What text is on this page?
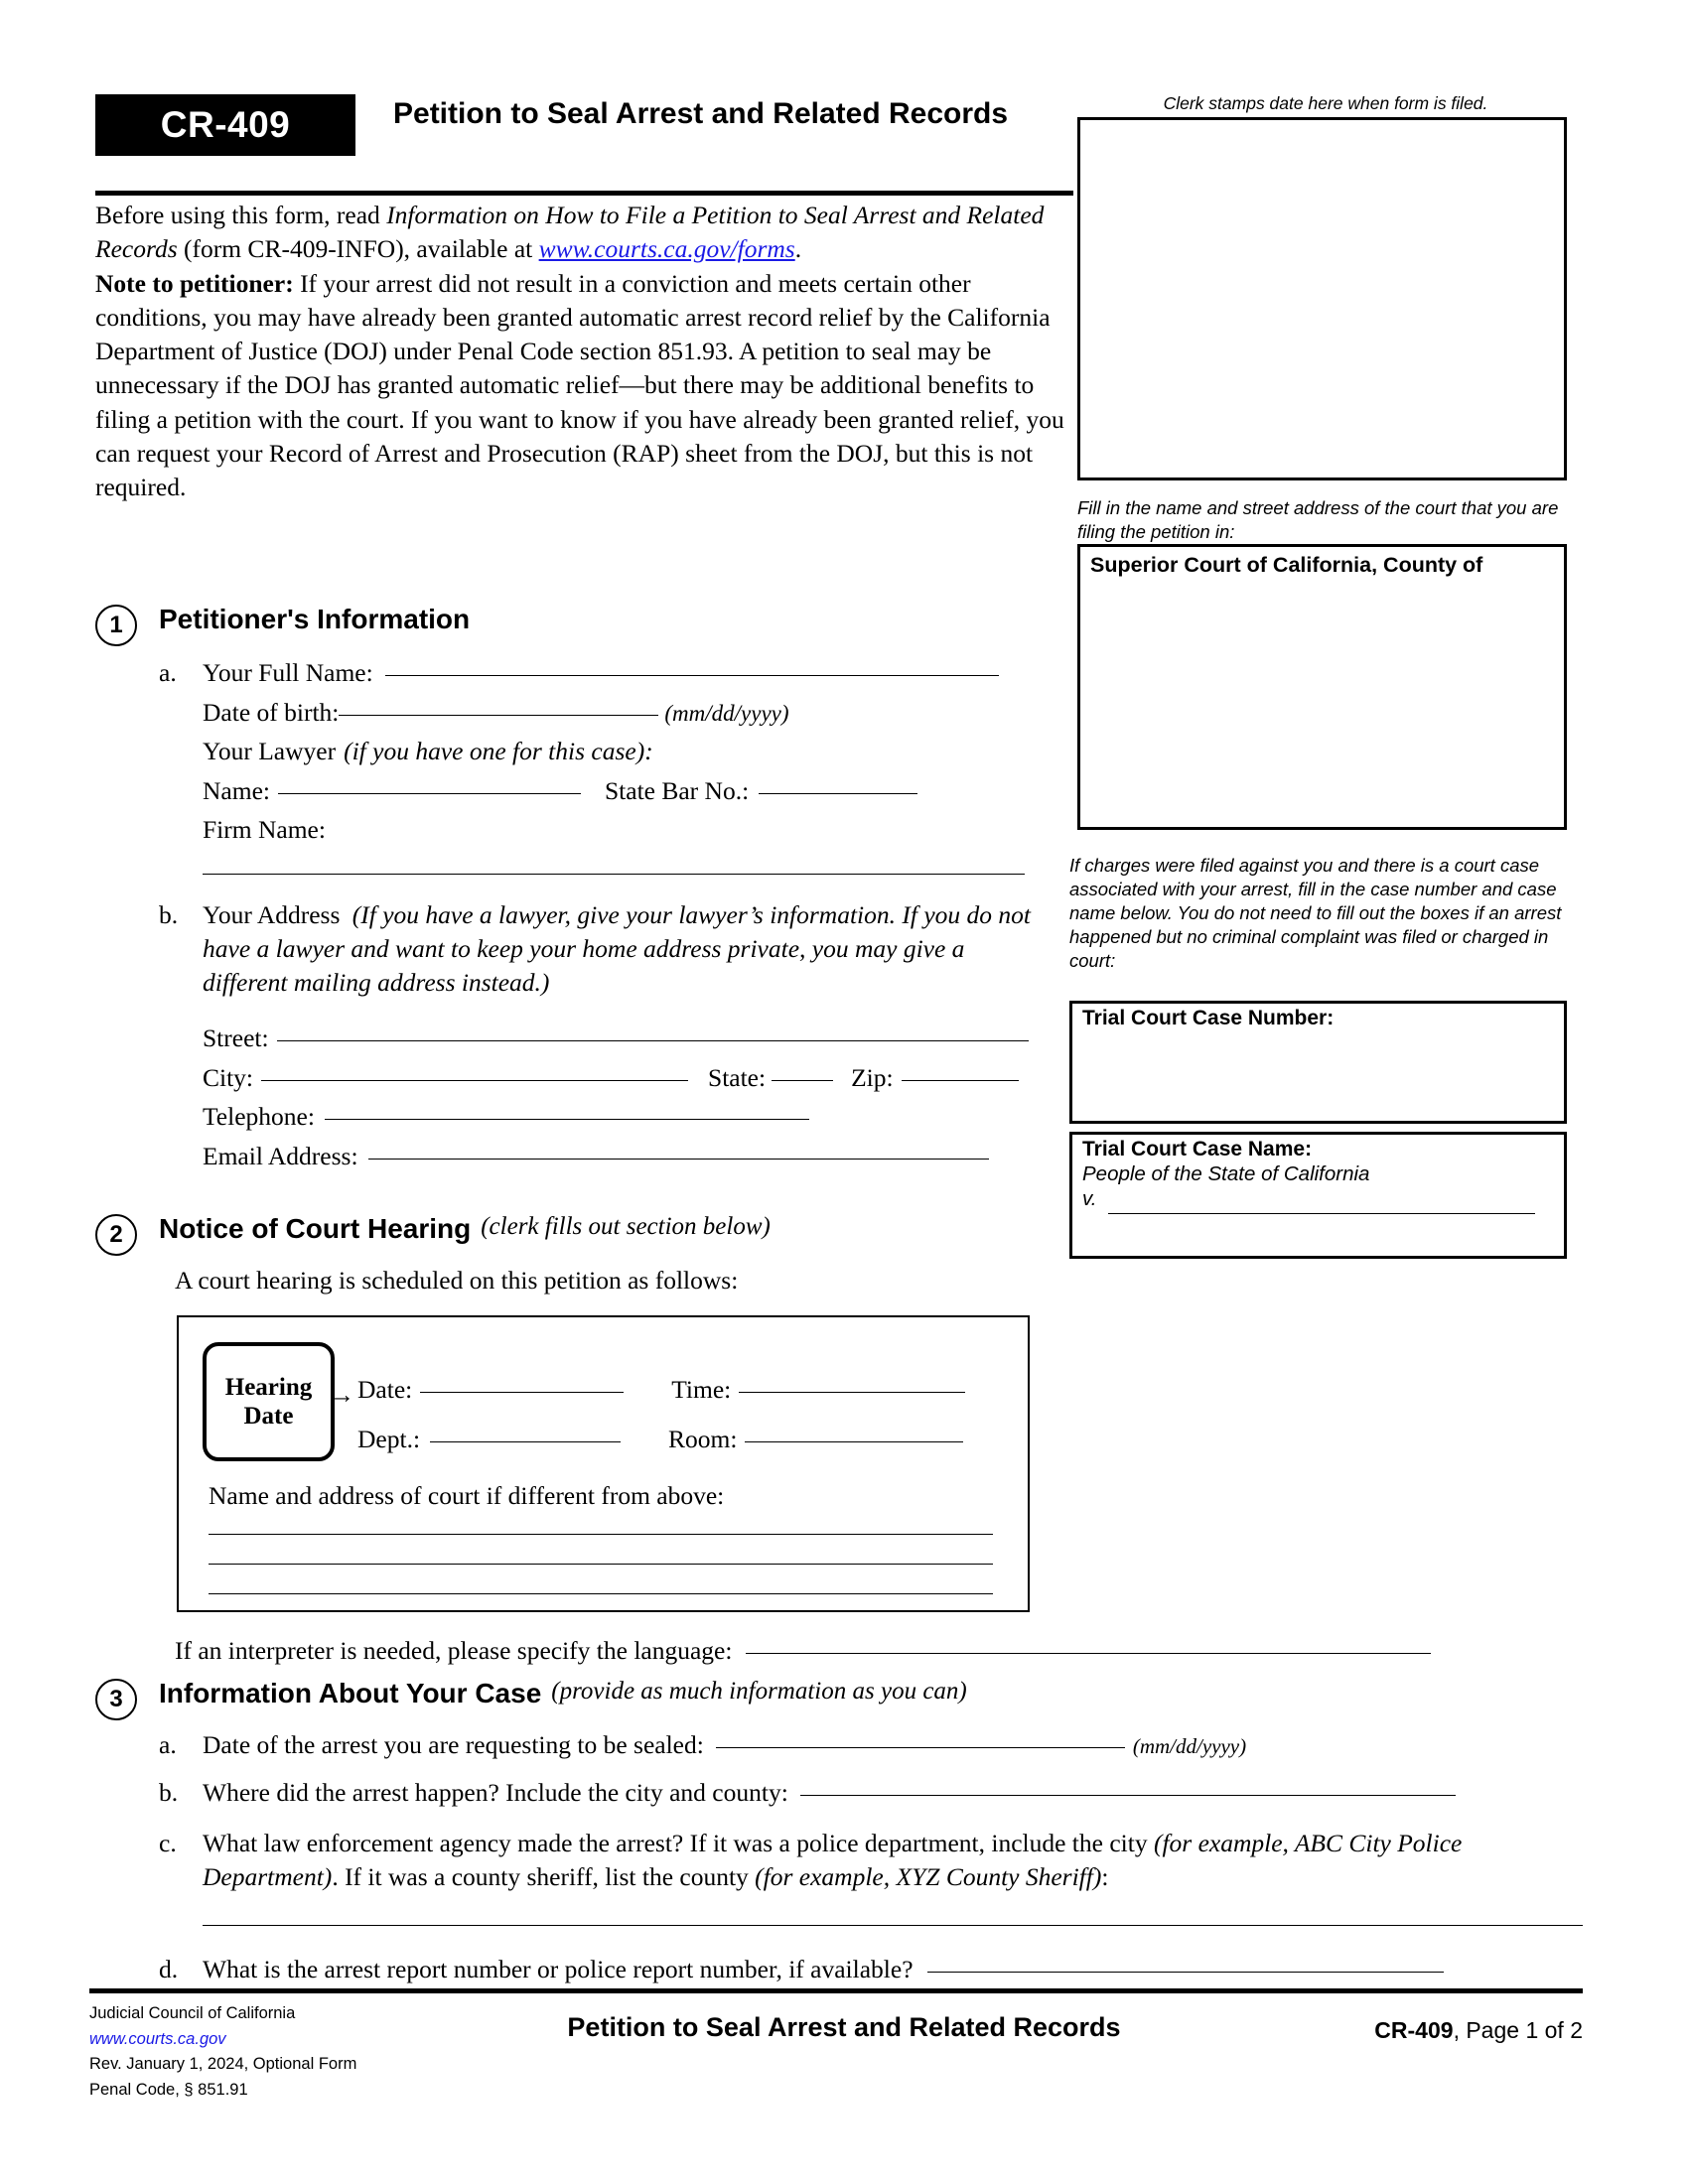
CR-409	Petition to Seal Arrest and Related Records

Before using this form, read Information on How to File a Petition to Seal Arrest and Related Records (form CR-409-INFO), available at www.courts.ca.gov/forms.

Note to petitioner: If your arrest did not result in a conviction and meets certain other conditions, you may have already been granted automatic arrest record relief by the California Department of Justice (DOJ) under Penal Code section 851.93. A petition to seal may be unnecessary if the DOJ has granted automatic relief—but there may be additional benefits to filing a petition with the court. If you want to know if you have already been granted relief, you can request your Record of Arrest and Prosecution (RAP) sheet from the DOJ, but this is not required.

Clerk stamps date here when form is filed.
Fill in the name and street address of the court that you are filing the petition in:
Superior Court of California, County of
If charges were filed against you and there is a court case associated with your arrest, fill in the case number and case name below. You do not need to fill out the boxes if an arrest happened but no criminal complaint was filed or charged in court:
Trial Court Case Number:
Trial Court Case Name:
People of the State of California
v.
1	Petitioner's Information
a.	Your Full Name:
Date of birth:	(mm/dd/yyyy)
Your Lawyer (if you have one for this case):
Name:	State Bar No.:
Firm Name:
b. Your Address (If you have a lawyer, give your lawyer’s information. If you do not have a lawyer and want to keep your home address private, you may give a different mailing address instead.)
Street:
City:	State:	Zip:
Telephone:
Email Address:
2	Notice of Court Hearing (clerk fills out section below)
A court hearing is scheduled on this petition as follows:
Hearing
Date
→ Date:	Time:
Dept.:	Room:
Name and address of court if different from above:
If an interpreter is needed, please specify the language:
3	Information About Your Case (provide as much information as you can)
a.	Date of the arrest you are requesting to be sealed:	(mm/dd/yyyy)
b. Where did the arrest happen? Include the city and county:
c.	What law enforcement agency made the arrest? If it was a police department, include the city (for example, ABC City Police Department). If it was a county sheriff, list the county (for example, XYZ County Sheriff):
d. What is the arrest report number or police report number, if available?
Judicial Council of California
www.courts.ca.gov
Rev. January 1, 2024, Optional Form
Penal Code, § 851.91
Petition to Seal Arrest and Related Records	CR-409, Page 1 of 2
